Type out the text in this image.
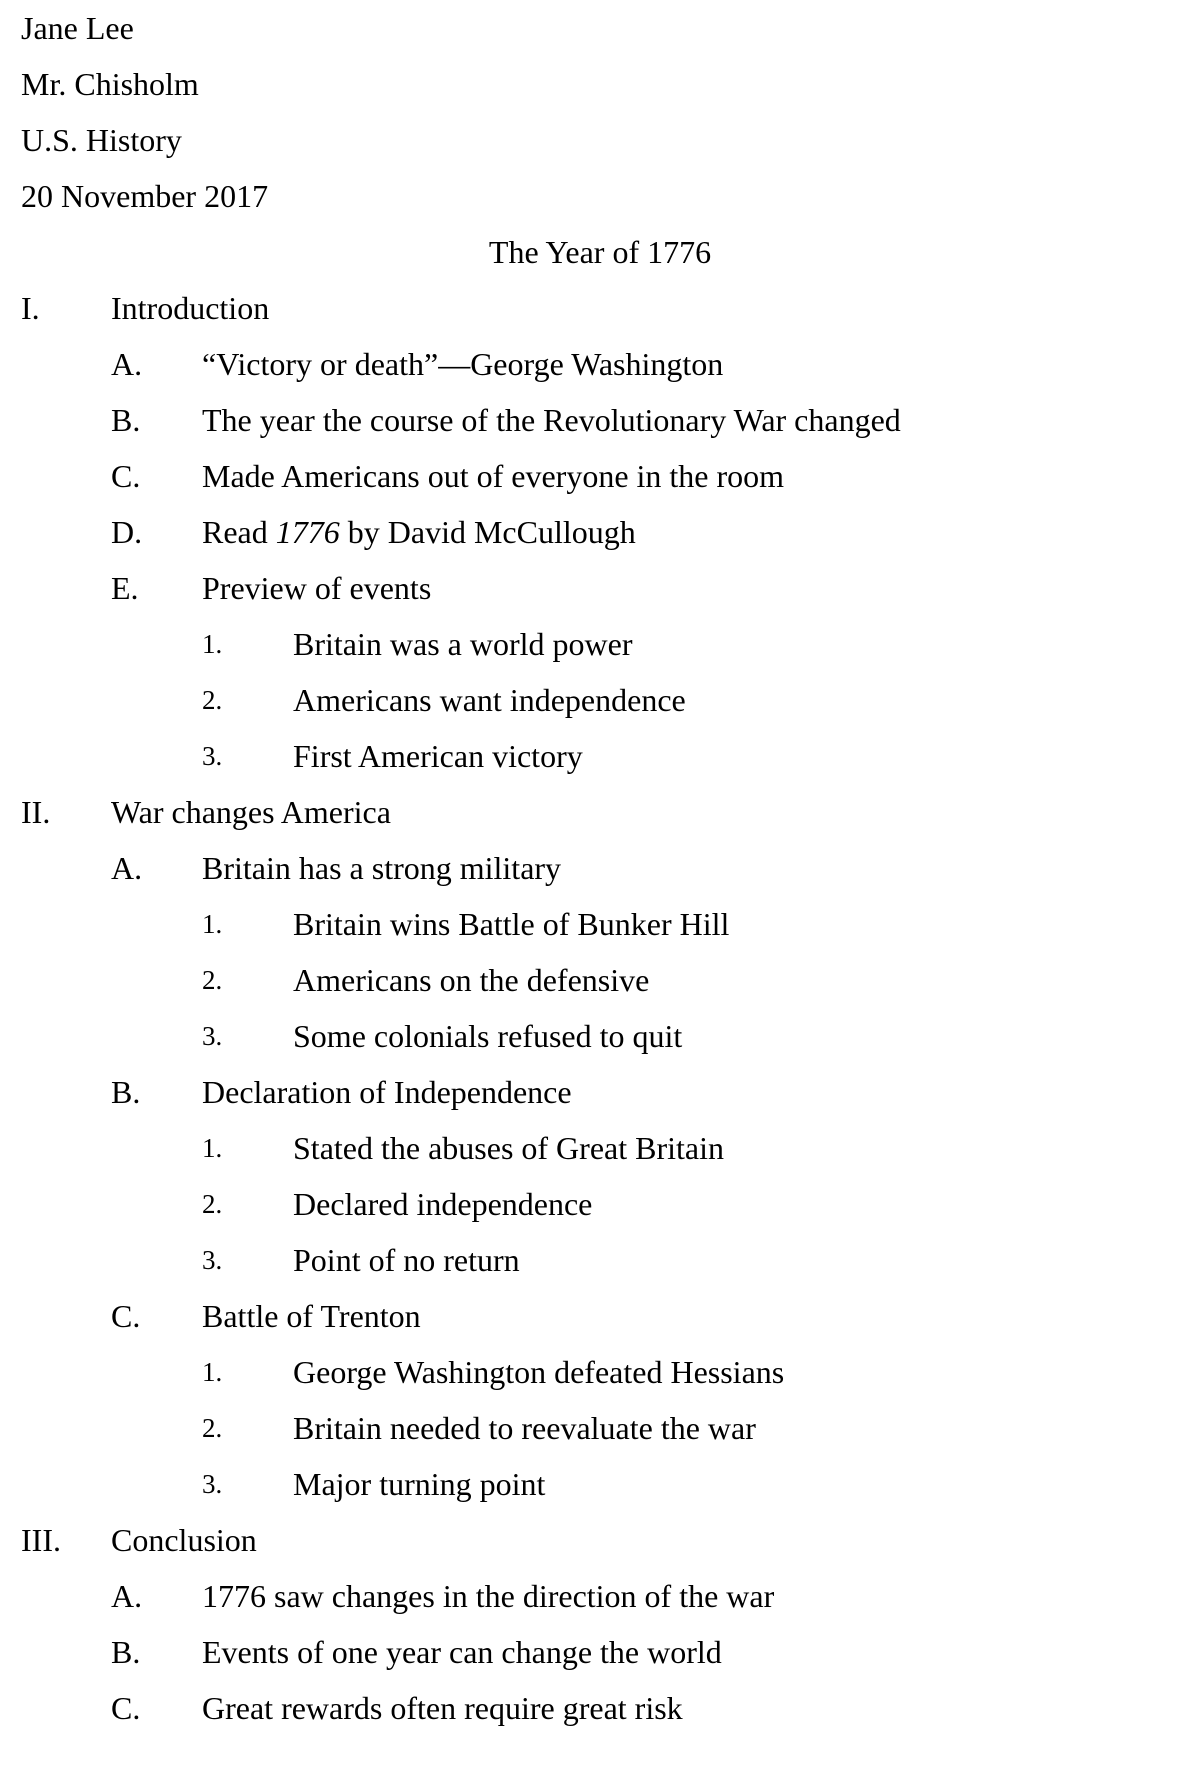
Jane Lee
Mr. Chisholm
U.S. History
20 November 2017
The Year of 1776
I. Introduction
A. “Victory or death”—George Washington
B. The year the course of the Revolutionary War changed
C. Made Americans out of everyone in the room
D. Read 1776 by David McCullough
E. Preview of events
1. Britain was a world power
2. Americans want independence
3. First American victory
II. War changes America
A. Britain has a strong military
1. Britain wins Battle of Bunker Hill
2. Americans on the defensive
3. Some colonials refused to quit
B. Declaration of Independence
1. Stated the abuses of Great Britain
2. Declared independence
3. Point of no return
C. Battle of Trenton
1. George Washington defeated Hessians
2. Britain needed to reevaluate the war
3. Major turning point
III. Conclusion
A. 1776 saw changes in the direction of the war
B. Events of one year can change the world
C. Great rewards often require great risk
